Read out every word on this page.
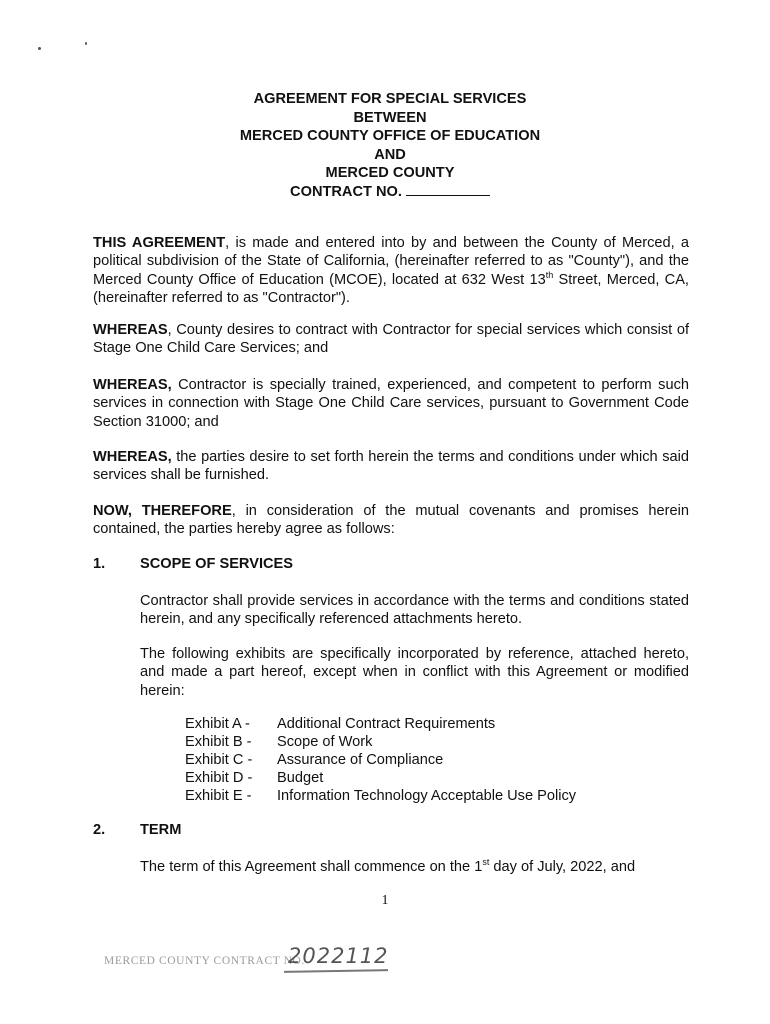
AGREEMENT FOR SPECIAL SERVICES
BETWEEN
MERCED COUNTY OFFICE OF EDUCATION
AND
MERCED COUNTY
CONTRACT NO.
THIS AGREEMENT, is made and entered into by and between the County of Merced, a political subdivision of the State of California, (hereinafter referred to as "County"), and the Merced County Office of Education (MCOE), located at 632 West 13th Street, Merced, CA, (hereinafter referred to as "Contractor").
WHEREAS, County desires to contract with Contractor for special services which consist of Stage One Child Care Services; and
WHEREAS, Contractor is specially trained, experienced, and competent to perform such services in connection with Stage One Child Care services, pursuant to Government Code Section 31000; and
WHEREAS, the parties desire to set forth herein the terms and conditions under which said services shall be furnished.
NOW, THEREFORE, in consideration of the mutual covenants and promises herein contained, the parties hereby agree as follows:
1. SCOPE OF SERVICES
Contractor shall provide services in accordance with the terms and conditions stated herein, and any specifically referenced attachments hereto.
The following exhibits are specifically incorporated by reference, attached hereto, and made a part hereof, except when in conflict with this Agreement or modified herein:
Exhibit A -	Additional Contract Requirements
Exhibit B -	Scope of Work
Exhibit C -	Assurance of Compliance
Exhibit D -	Budget
Exhibit E -	Information Technology Acceptable Use Policy
2. TERM
The term of this Agreement shall commence on the 1st day of July, 2022, and
1
MERCED COUNTY CONTRACT NO.
2022112
